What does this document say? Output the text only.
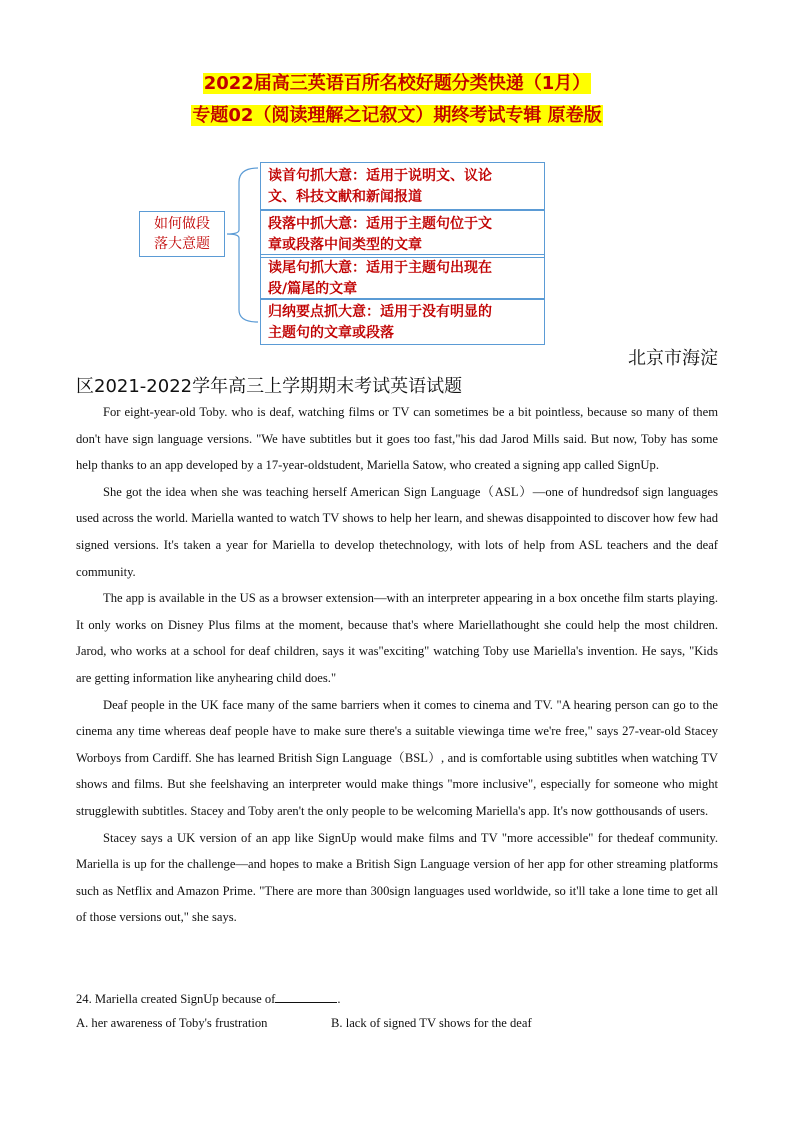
2022届高三英语百所名校好题分类快递（1月）
专题02（阅读理解之记叙文）期终考试专辑 原卷版
如何做段
落大意题
读首句抓大意：适用于说明文、议论
文、科技文献和新闻报道
段落中抓大意：适用于主题句位于文
章或段落中间类型的文章
读尾句抓大意：适用于主题句出现在
段/篇尾的文章
归纳要点抓大意：适用于没有明显的
主题句的文章或段落
北京市海淀
区2021-2022学年高三上学期期末考试英语试题

For eight-year-old Toby. who is deaf, watching films or TV can sometimes be a bit pointless, because so many of them don't have sign language versions. "We have subtitles but it goes too fast,"his dad Jarod Mills said. But now, Toby has some help thanks to an app developed by a 17-year-oldstudent, Mariella Satow, who created a signing app called SignUp.

She got the idea when she was teaching herself American Sign Language（ASL）—one of hundredsof sign languages used across the world. Mariella wanted to watch TV shows to help her learn, and shewas disappointed to discover how few had signed versions. It's taken a year for Mariella to develop thetechnology, with lots of help from ASL teachers and the deaf community.

The app is available in the US as a browser extension—with an interpreter appearing in a box oncethe film starts playing. It only works on Disney Plus films at the moment, because that's where Mariellathought she could help the most children. Jarod, who works at a school for deaf children, says it was"exciting" watching Toby use Mariella's invention. He says, "Kids are getting information like anyhearing child does."

Deaf people in the UK face many of the same barriers when it comes to cinema and TV. "A hearing person can go to the cinema any time whereas deaf people have to make sure there's a suitable viewinga time we're free," says 27-vear-old Stacey Worboys from Cardiff. She has learned British Sign Language（BSL）, and is comfortable using subtitles when watching TV shows and films. But she feelshaving an interpreter would make things "more inclusive", especially for someone who might strugglewith subtitles. Stacey and Toby aren't the only people to be welcoming Mariella's app. It's now gotthousands of users.

Stacey says a UK version of an app like SignUp would make films and TV "more accessible" for thedeaf community. Mariella is up for the challenge—and hopes to make a British Sign Language version of her app for other streaming platforms such as Netflix and Amazon Prime. "There are more than 300sign languages used worldwide, so it'll take a lone time to get all of those versions out," she says.

24. Mariella created SignUp because of	.
A. her awareness of Toby's frustration	B. lack of signed TV shows for the deaf
